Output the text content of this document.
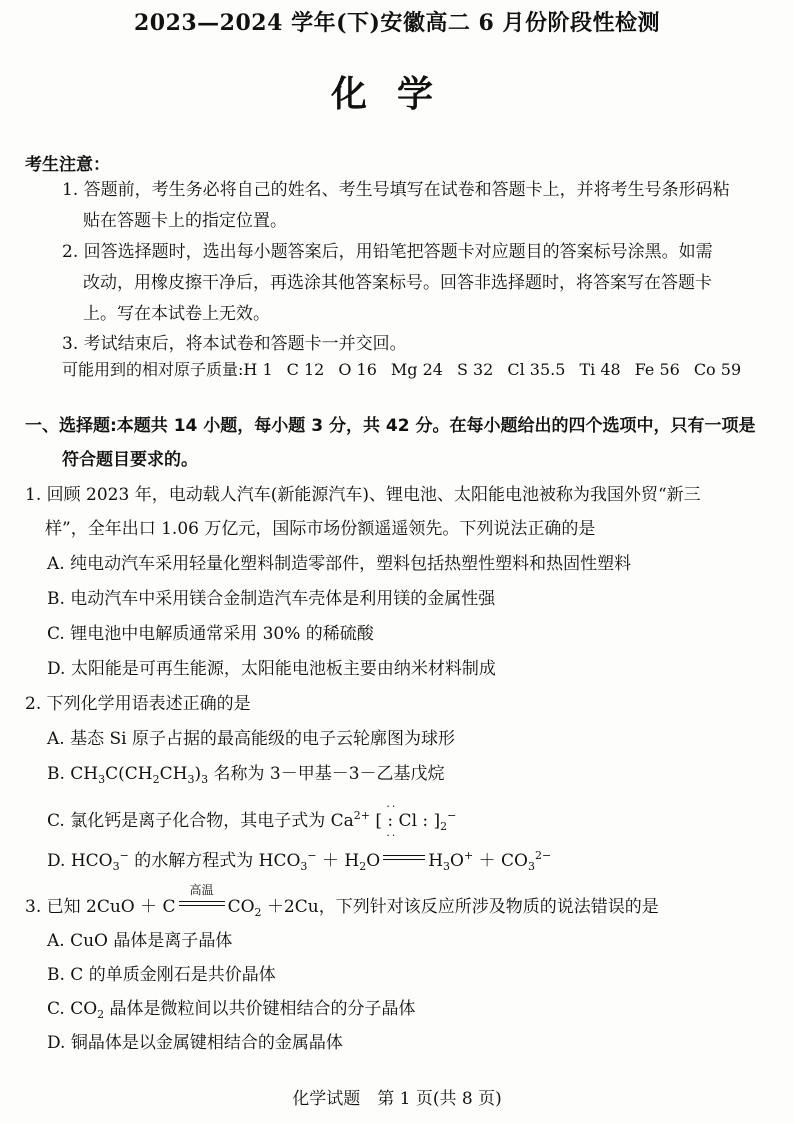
2023—2024 学年(下)安徽高二 6 月份阶段性检测
化学
考生注意：
1. 答题前，考生务必将自己的姓名、考生号填写在试卷和答题卡上，并将考生号条形码粘
贴在答题卡上的指定位置。
2. 回答选择题时，选出每小题答案后，用铅笔把答题卡对应题目的答案标号涂黑。如需
改动，用橡皮擦干净后，再选涂其他答案标号。回答非选择题时，将答案写在答题卡
上。写在本试卷上无效。
3. 考试结束后，将本试卷和答题卡一并交回。
可能用到的相对原子质量:H 1 C 12 O 16 Mg 24 S 32 Cl 35.5 Ti 48 Fe 56 Co 59
一、选择题:本题共 14 小题，每小题 3 分，共 42 分。在每小题给出的四个选项中，只有一项是
符合题目要求的。
1. 回顾 2023 年，电动载人汽车(新能源汽车)、锂电池、太阳能电池被称为我国外贸“新三
样”，全年出口 1.06 万亿元，国际市场份额遥遥领先。下列说法正确的是
A. 纯电动汽车采用轻量化塑料制造零部件，塑料包括热塑性塑料和热固性塑料
B. 电动汽车中采用镁合金制造汽车壳体是利用镁的金属性强
C. 锂电池中电解质通常采用 30% 的稀硫酸
D. 太阳能是可再生能源，太阳能电池板主要由纳米材料制成
2. 下列化学用语表述正确的是
A. 基态 Si 原子占据的最高能级的电子云轮廓图为球形
B. $CH_3C(CH_2CH_3)_3$ 名称为 3－甲基－3－乙基戊烷
C. 氯化钙是离子化合物，其电子式为 $Ca^{2+}$
··
[ : Cl : ]
··
$_2$−
D. $HCO_3^-$ 的水解方程式为 $HCO_3^- + H_2O$	$H_3O^+ + CO_3^{2-}$
3. 已知 2CuO ＋ C
高温
$CO_2 +2Cu$，下列针对该反应所涉及物质的说法错误的是
A. CuO 晶体是离子晶体
B. C 的单质金刚石是共价晶体
C. $CO_2$ 晶体是微粒间以共价键相结合的分子晶体
D. 铜晶体是以金属键相结合的金属晶体
化学试题　第 1 页(共 8 页)
